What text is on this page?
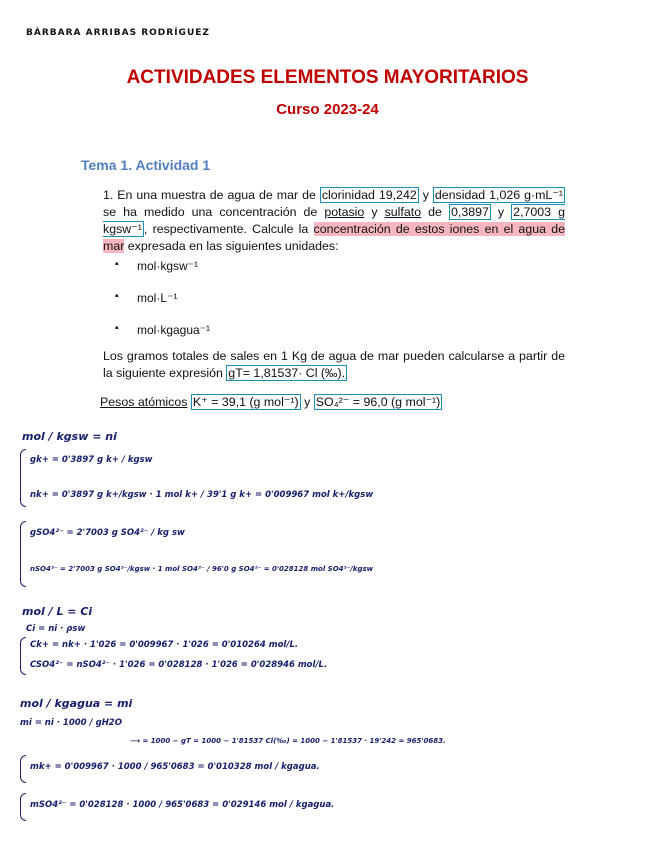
BÁRBARA ARRIBAS RODRÍGUEZ
ACTIVIDADES ELEMENTOS MAYORITARIOS
Curso 2023-24
Tema 1. Actividad 1
1. En una muestra de agua de mar de clorinidad 19,242 y densidad 1,026 g·mL⁻¹ se ha medido una concentración de potasio y sulfato de 0,3897 y 2,7003 g kgsw⁻¹ , respectivamente. Calcule la concentración de estos iones en el agua de mar expresada en las siguientes unidades:
▪ mol·kgsw⁻¹
▪ mol·L⁻¹
▪ mol·kgagua⁻¹
Los gramos totales de sales en 1 Kg de agua de mar pueden calcularse a partir de la siguiente expresión gT= 1,81537· Cl (‰).
Pesos atómicos K⁺ = 39,1 (g mol⁻¹) y SO₄²⁻ = 96,0 (g mol⁻¹)
mol / kgsw = ni
gk+ = 0'3897 g k+ / kgsw
nk+ = 0'3897 g k+/kgsw · 1 mol k+ / 39'1 g k+ = 0'009967 mol k+/kgsw
gSO4²⁻ = 2'7003 g SO4²⁻ / kg sw
nSO4²⁻ = 2'7003 g SO4²⁻/kgsw · 1 mol SO4²⁻ / 96'0 g SO4²⁻ = 0'028128 mol SO4²⁻/kgsw
mol / L = Ci
Ci = ni · ρsw
Ck+ = nk+ · 1'026 = 0'009967 · 1'026 = 0'010264 mol/L.
CSO4²⁻ = nSO4²⁻ · 1'026 = 0'028128 · 1'026 = 0'028946 mol/L.
mol / kgagua = mi
mi = ni · 1000 / gH2O
⟶ = 1000 − gT = 1000 − 1'81537 Cl(‰) = 1000 − 1'81537 · 19'242 = 965'0683.
mk+ = 0'009967 · 1000 / 965'0683 = 0'010328 mol / kgagua.
mSO4²⁻ = 0'028128 · 1000 / 965'0683 = 0'029146 mol / kgagua.
